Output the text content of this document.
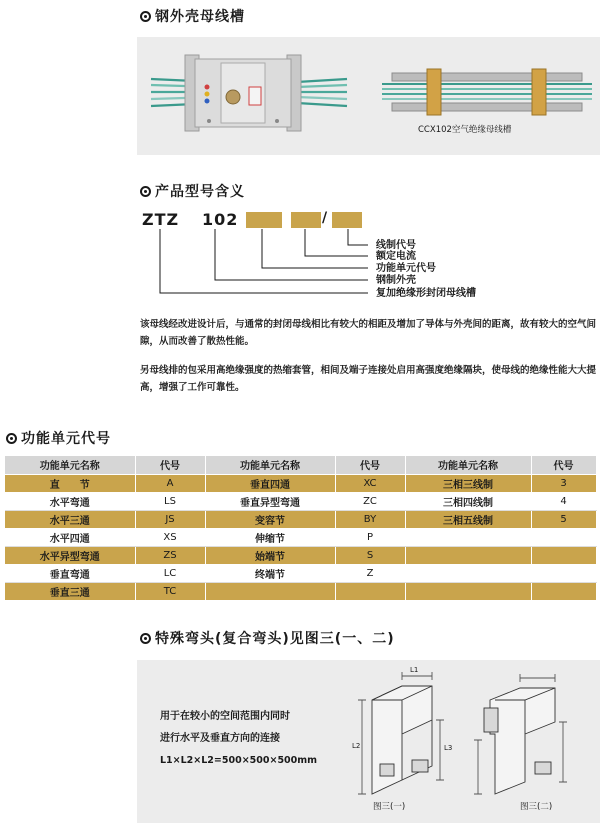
钢外壳母线槽
CCX102空气绝缘母线槽
产品型号含义
ZTZ 102	/
线制代号
额定电流
功能单元代号
钢制外壳
复加绝缘形封闭母线槽
该母线经改进设计后，与通常的封闭母线相比有较大的相距及增加了导体与外壳间的距离，故有较大的空气间隙，从而改善了散热性能。
另母线排的包采用高绝缘强度的热缩套管，相间及端子连接处启用高强度绝缘隔块，使母线的绝缘性能大大提高，增强了工作可靠性。
功能单元代号
功能单元名称	代号	功能单元名称	代号	功能单元名称	代号
直　　节	A	垂直四通	XC	三相三线制	3
水平弯通	LS	垂直异型弯通	ZC	三相四线制	4
水平三通	JS	变容节	BY	三相五线制	5
水平四通	XS	伸缩节	P		
水平异型弯通	ZS	始端节	S		
垂直弯通	LC	终端节	Z		
垂直三通	TC				
特殊弯头(复合弯头)见图三(一、二)
用于在较小的空间范围内同时
进行水平及垂直方向的连接
L1×L2×L2=500×500×500mm
L1
L2	L3
图三(一)	图三(二)
